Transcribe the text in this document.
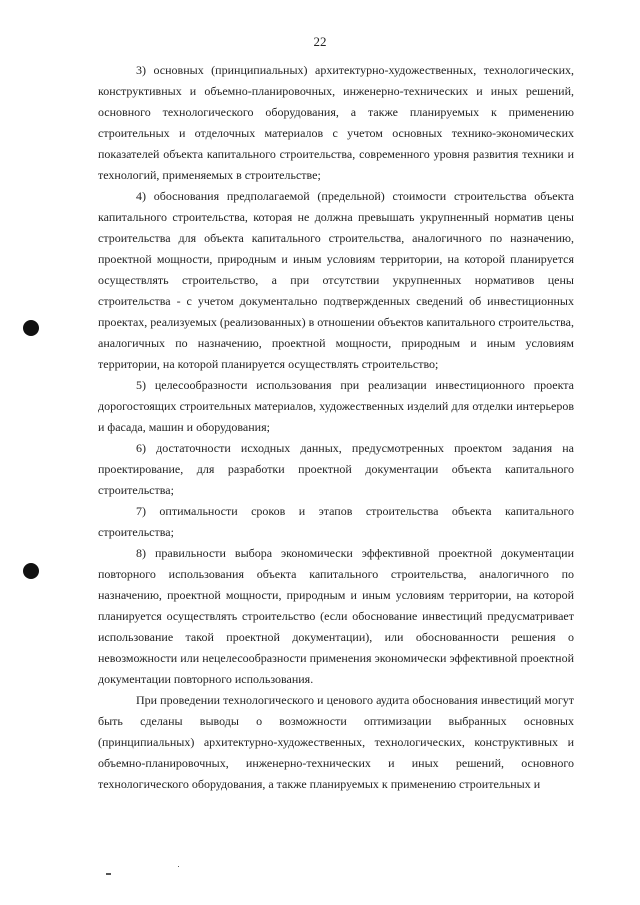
22

3) основных (принципиальных) архитектурно-художественных, технологических, конструктивных и объемно-планировочных, инженерно-технических и иных решений, основного технологического оборудования, а также планируемых к применению строительных и отделочных материалов с учетом основных технико-экономических показателей объекта капитального строительства, современного уровня развития техники и технологий, применяемых в строительстве;

4) обоснования предполагаемой (предельной) стоимости строительства объекта капитального строительства, которая не должна превышать укрупненный норматив цены строительства для объекта капитального строительства, аналогичного по назначению, проектной мощности, природным и иным условиям территории, на которой планируется осуществлять строительство, а при отсутствии укрупненных нормативов цены строительства - с учетом документально подтвержденных сведений об инвестиционных проектах, реализуемых (реализованных) в отношении объектов капитального строительства, аналогичных по назначению, проектной мощности, природным и иным условиям территории, на которой планируется осуществлять строительство;

5) целесообразности использования при реализации инвестиционного проекта дорогостоящих строительных материалов, художественных изделий для отделки интерьеров и фасада, машин и оборудования;

6) достаточности исходных данных, предусмотренных проектом задания на проектирование, для разработки проектной документации объекта капитального строительства;

7) оптимальности сроков и этапов строительства объекта капитального строительства;

8) правильности выбора экономически эффективной проектной документации повторного использования объекта капитального строительства, аналогичного по назначению, проектной мощности, природным и иным условиям территории, на которой планируется осуществлять строительство (если обоснование инвестиций предусматривает использование такой проектной документации), или обоснованности решения о невозможности или нецелесообразности применения экономически эффективной проектной документации повторного использования.

При проведении технологического и ценового аудита обоснования инвестиций могут быть сделаны выводы о возможности оптимизации выбранных основных (принципиальных) архитектурно-художественных, технологических, конструктивных и объемно-планировочных, инженерно-технических и иных решений, основного технологического оборудования, а также планируемых к применению строительных и
